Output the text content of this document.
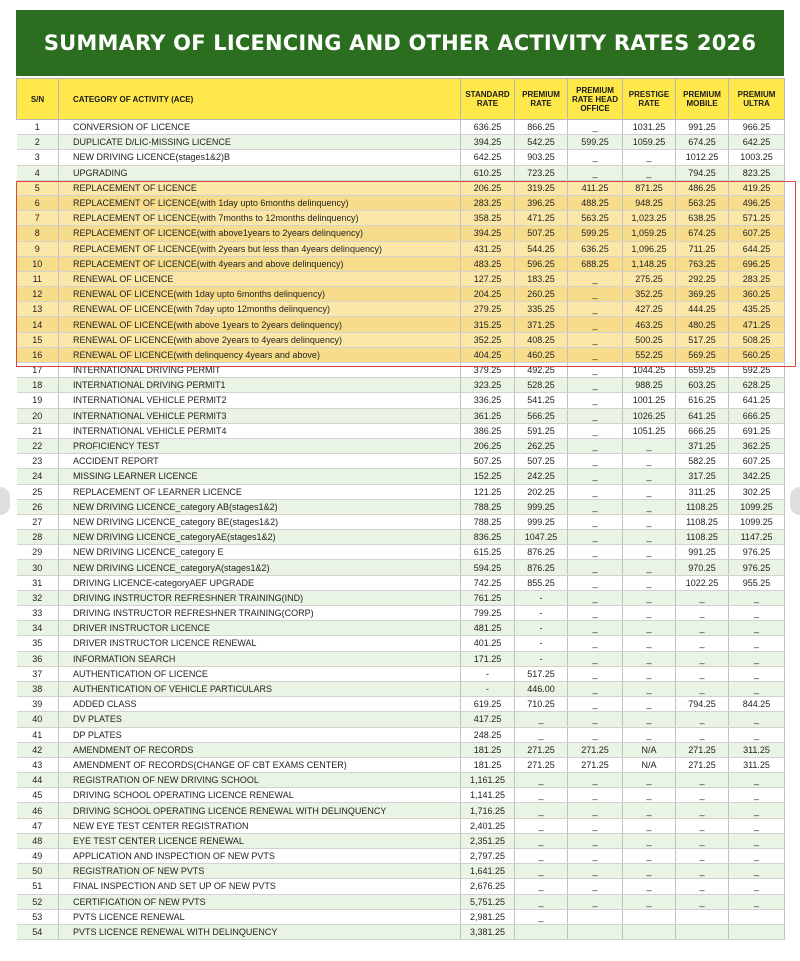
SUMMARY OF LICENCING AND OTHER ACTIVITY RATES 2026
S/N	CATEGORY OF ACTIVITY (ACE)	STANDARD RATE	PREMIUM RATE	PREMIUM RATE HEAD OFFICE	PRESTIGE RATE	PREMIUM MOBILE	PREMIUM ULTRA
1	CONVERSION OF LICENCE	636.25	866.25	_	1031.25	991.25	966.25
2	DUPLICATE D/LIC-MISSING LICENCE	394.25	542.25	599.25	1059.25	674.25	642.25
3	NEW DRIVING LICENCE(stages1&2)B	642.25	903.25	_	_	1012.25	1003.25
4	UPGRADING	610.25	723.25	_	_	794.25	823.25
5	REPLACEMENT OF LICENCE	206.25	319.25	411.25	871.25	486.25	419.25
6	REPLACEMENT OF LICENCE(with 1day upto 6months delinquency)	283.25	396.25	488.25	948.25	563.25	496.25
7	REPLACEMENT OF LICENCE(with 7months to 12months delinquency)	358.25	471.25	563.25	1,023.25	638.25	571.25
8	REPLACEMENT OF LICENCE(with above1years to 2years delinquency)	394.25	507.25	599.25	1,059.25	674.25	607.25
9	REPLACEMENT OF LICENCE(with 2years but less than 4years delinquency)	431.25	544.25	636.25	1,096.25	711.25	644.25
10	REPLACEMENT OF LICENCE(with 4years and above delinquency)	483.25	596.25	688.25	1,148.25	763.25	696.25
11	RENEWAL OF LICENCE	127.25	183.25	_	275.25	292.25	283.25
12	RENEWAL OF LICENCE(with 1day upto 6months delinquency)	204.25	260.25	_	352.25	369.25	360.25
13	RENEWAL OF LICENCE(with 7day upto 12months delinquency)	279.25	335.25	_	427.25	444.25	435.25
14	RENEWAL OF LICENCE(with above 1years to 2years delinquency)	315.25	371.25	_	463.25	480.25	471.25
15	RENEWAL OF LICENCE(with above 2years to 4years delinquency)	352.25	408.25	_	500.25	517.25	508.25
16	RENEWAL OF LICENCE(with delinquency 4years and above)	404.25	460.25	_	552.25	569.25	560.25
17	INTERNATIONAL DRIVING PERMIT	379.25	492.25	_	1044.25	659.25	592.25
18	INTERNATIONAL DRIVING PERMIT1	323.25	528.25	_	988.25	603.25	628.25
19	INTERNATIONAL VEHICLE PERMIT2	336.25	541.25	_	1001.25	616.25	641.25
20	INTERNATIONAL VEHICLE PERMIT3	361.25	566.25	_	1026.25	641.25	666.25
21	INTERNATIONAL VEHICLE PERMIT4	386.25	591.25	_	1051.25	666.25	691.25
22	PROFICIENCY TEST	206.25	262.25	_	_	371.25	362.25
23	ACCIDENT REPORT	507.25	507.25	_	_	582.25	607.25
24	MISSING LEARNER LICENCE	152.25	242.25	_	_	317.25	342.25
25	REPLACEMENT OF LEARNER LICENCE	121.25	202.25	_	_	311.25	302.25
26	NEW DRIVING LICENCE_category AB(stages1&2)	788.25	999.25	_	_	1108.25	1099.25
27	NEW DRIVING LICENCE_category BE(stages1&2)	788.25	999.25	_	_	1108.25	1099.25
28	NEW DRIVING LICENCE_categoryAE(stages1&2)	836.25	1047.25	_	_	1108.25	1147.25
29	NEW DRIVING LICENCE_category E	615.25	876.25	_	_	991.25	976.25
30	NEW DRIVING LICENCE_categoryA(stages1&2)	594.25	876.25	_	_	970.25	976.25
31	DRIVING LICENCE-categoryAEF UPGRADE	742.25	855.25	_	_	1022.25	955.25
32	DRIVING INSTRUCTOR REFRESHNER TRAINING(IND)	761.25	-	_	_	_	_
33	DRIVING INSTRUCTOR REFRESHNER TRAINING(CORP)	799.25	-	_	_	_	_
34	DRIVER INSTRUCTOR LICENCE	481.25	-	_	_	_	_
35	DRIVER INSTRUCTOR LICENCE RENEWAL	401.25	-	_	_	_	_
36	INFORMATION SEARCH	171.25	-	_	_	_	_
37	AUTHENTICATION OF LICENCE	-	517.25	_	_	_	_
38	AUTHENTICATION OF VEHICLE PARTICULARS	-	446.00	_	_	_	_
39	ADDED CLASS	619.25	710.25	_	_	794.25	844.25
40	DV PLATES	417.25	_	_	_	_	_
41	DP PLATES	248.25	_	_	_	_	_
42	AMENDMENT OF RECORDS	181.25	271.25	271.25	N/A	271.25	311.25
43	AMENDMENT OF RECORDS(CHANGE OF CBT EXAMS CENTER)	181.25	271.25	271.25	N/A	271.25	311.25
44	REGISTRATION OF NEW DRIVING SCHOOL	1,161.25	_	_	_	_	_
45	DRIVING SCHOOL OPERATING LICENCE RENEWAL	1,141.25	_	_	_	_	_
46	DRIVING SCHOOL OPERATING LICENCE RENEWAL WITH DELINQUENCY	1,716.25	_	_	_	_	_
47	NEW EYE TEST CENTER REGISTRATION	2,401.25	_	_	_	_	_
48	EYE TEST CENTER LICENCE RENEWAL	2,351.25	_	_	_	_	_
49	APPLICATION AND INSPECTION OF NEW PVTS	2,797.25	_	_	_	_	_
50	REGISTRATION OF NEW PVTS	1,641.25	_	_	_	_	_
51	FINAL INSPECTION AND SET UP OF NEW PVTS	2,676.25	_	_	_	_	_
52	CERTIFICATION OF NEW PVTS	5,751.25	_	_	_	_	_
53	PVTS LICENCE RENEWAL	2,981.25	_				
54	PVTS LICENCE RENEWAL WITH DELINQUENCY	3,381.25					
